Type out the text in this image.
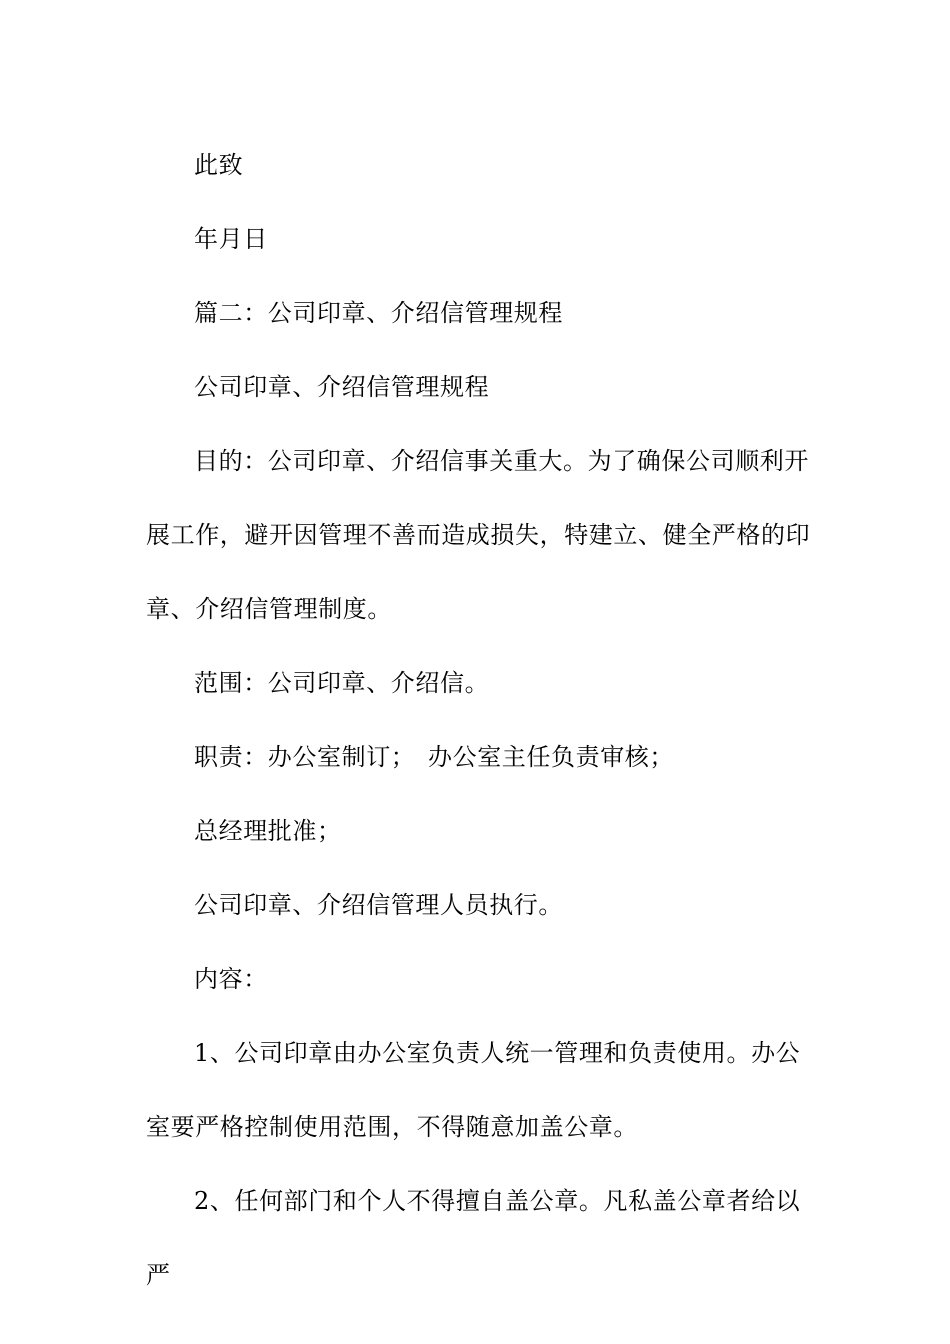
此致

年月日

篇二：公司印章、介绍信管理规程

公司印章、介绍信管理规程

目的：公司印章、介绍信事关重大。为了确保公司顺利开展工作，避开因管理不善而造成损失，特建立、健全严格的印章、介绍信管理制度。

范围：公司印章、介绍信。

职责：办公室制订；　办公室主任负责审核；

总经理批准；

公司印章、介绍信管理人员执行。

内容：

1、公司印章由办公室负责人统一管理和负责使用。办公室要严格控制使用范围，不得随意加盖公章。

2、任何部门和个人不得擅自盖公章。凡私盖公章者给以严
